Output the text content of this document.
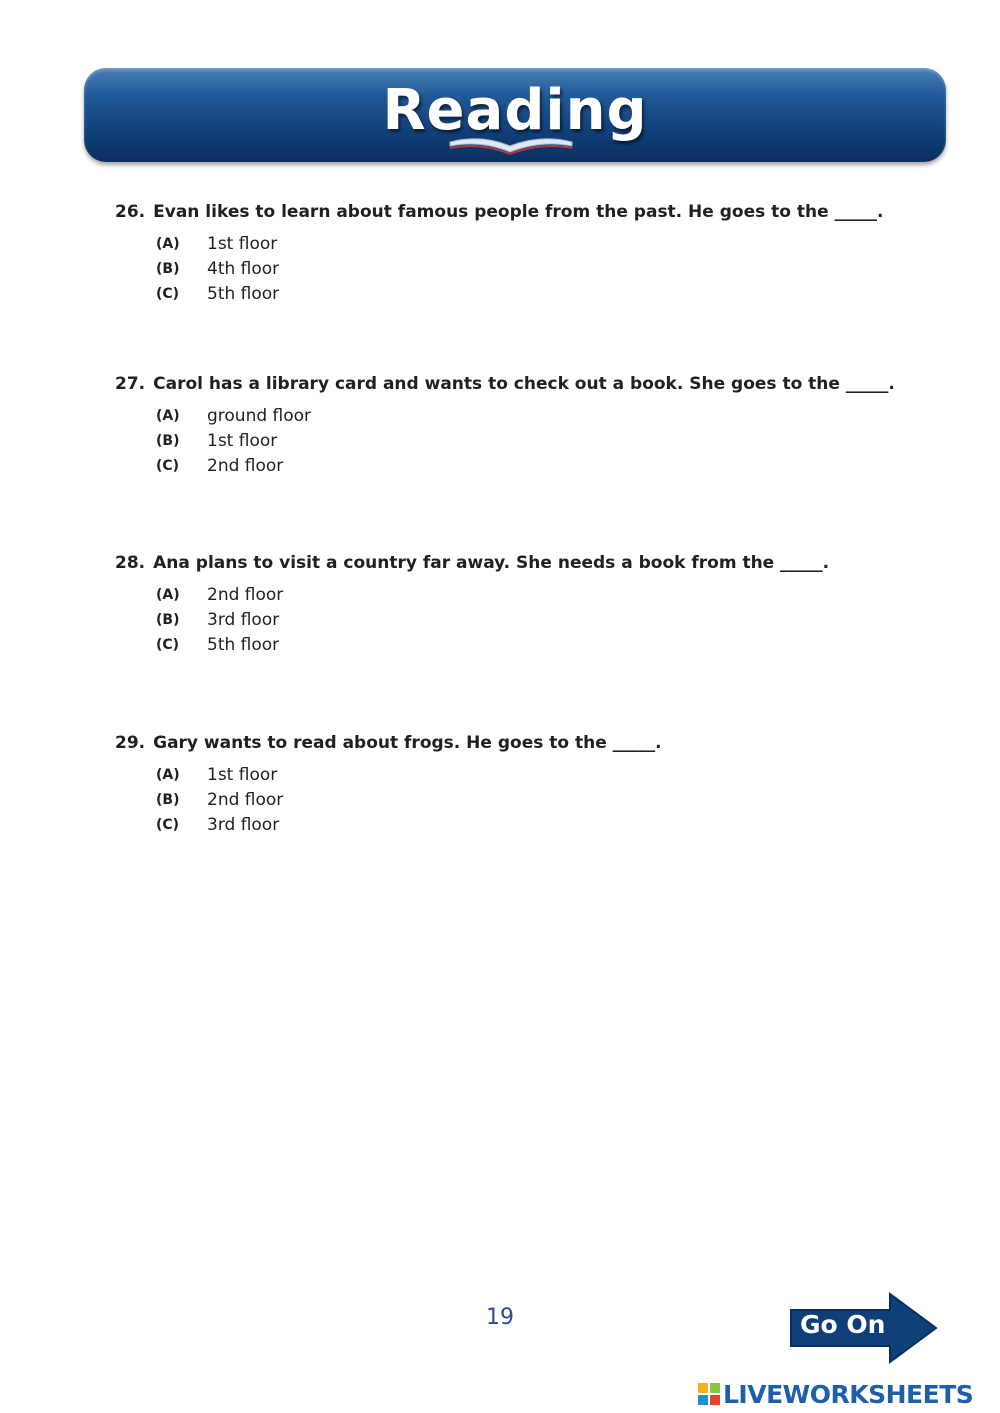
Reading
26. Evan likes to learn about famous people from the past. He goes to the _____.
(A)	1st floor
(B)	4th floor
(C)	5th floor
27. Carol has a library card and wants to check out a book. She goes to the _____.
(A)	ground floor
(B)	1st floor
(C)	2nd floor
28. Ana plans to visit a country far away. She needs a book from the _____.
(A)	2nd floor
(B)	3rd floor
(C)	5th floor
29. Gary wants to read about frogs. He goes to the _____.
(A)	1st floor
(B)	2nd floor
(C)	3rd floor
19	Go On
LIVEWORKSHEETS
